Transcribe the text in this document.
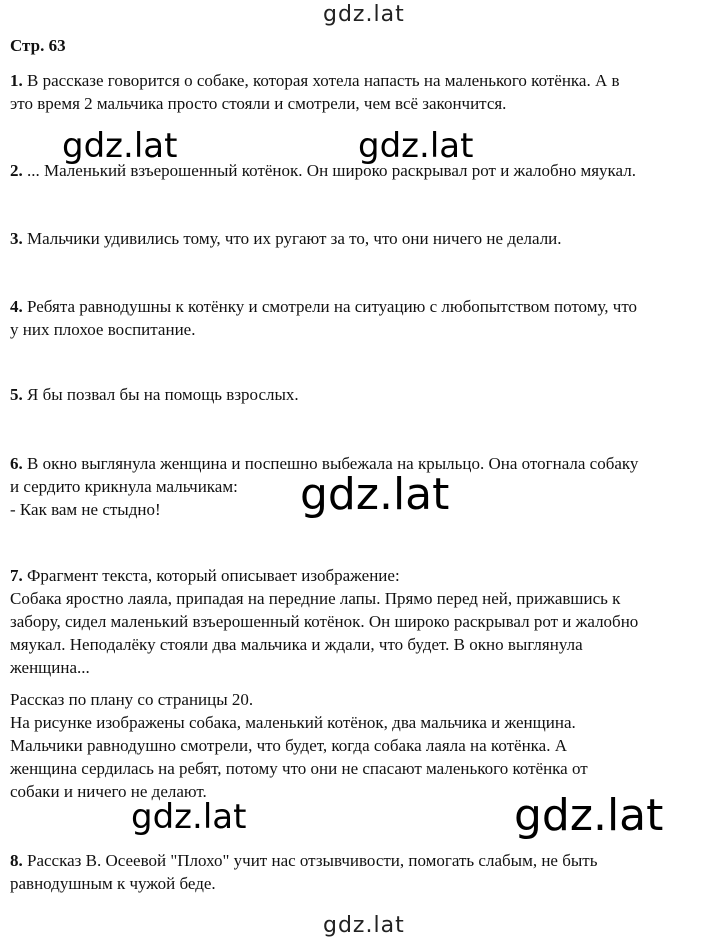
gdz.lat
Стр. 63
1. В рассказе говорится о собаке, которая хотела напасть на маленького котёнка. А в
это время 2 мальчика просто стояли и смотрели, чем всё закончится.
2. ... Маленький взъерошенный котёнок. Он широко раскрывал рот и жалобно мяукал.
3. Мальчики удивились тому, что их ругают за то, что они ничего не делали.
4. Ребята равнодушны к котёнку и смотрели на ситуацию с любопытством потому, что
у них плохое воспитание.
5. Я бы позвал бы на помощь взрослых.
6. В окно выглянула женщина и поспешно выбежала на крыльцо. Она отогнала собаку
и сердито крикнула мальчикам:
- Как вам не стыдно!
7. Фрагмент текста, который описывает изображение:
Собака яростно лаяла, припадая на передние лапы. Прямо перед ней, прижавшись к
забору, сидел маленький взъерошенный котёнок. Он широко раскрывал рот и жалобно
мяукал. Неподалёку стояли два мальчика и ждали, что будет. В окно выглянула
женщина...
Рассказ по плану со страницы 20.
На рисунке изображены собака, маленький котёнок, два мальчика и женщина.
Мальчики равнодушно смотрели, что будет, когда собака лаяла на котёнка. А
женщина сердилась на ребят, потому что они не спасают маленького котёнка от
собаки и ничего не делают.
8. Рассказ В. Осеевой "Плохо" учит нас отзывчивости, помогать слабым, не быть
равнодушным к чужой беде.
gdz.lat	gdz.lat
gdz.lat
gdz.lat	gdz.lat
gdz.lat
